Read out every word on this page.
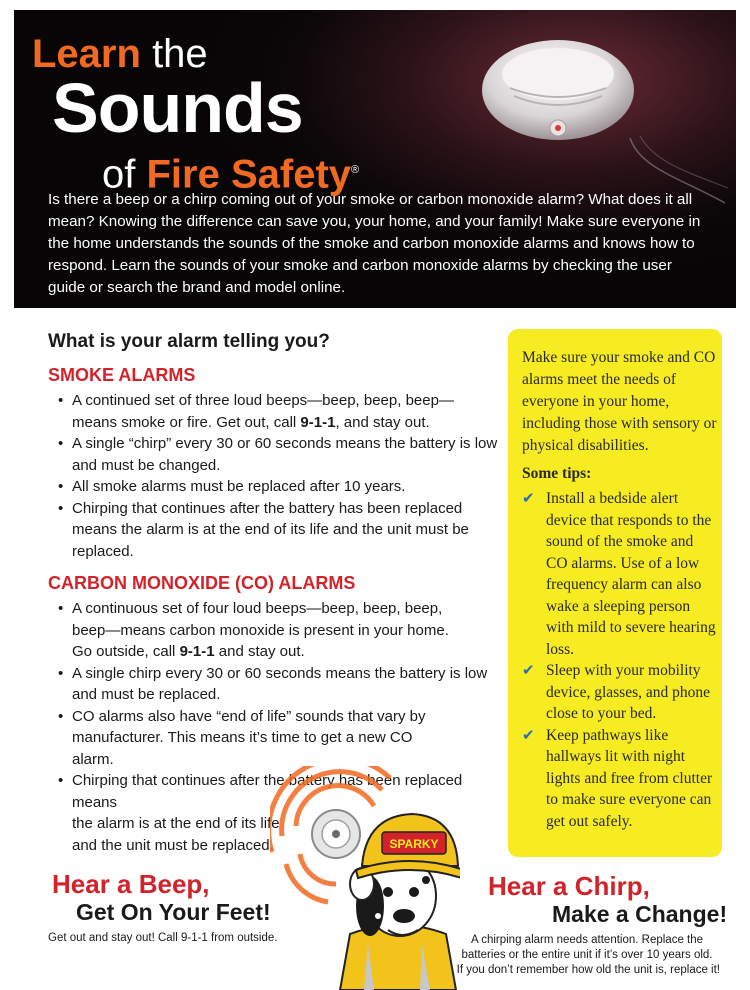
Learn the
Sounds
of Fire Safety®
Is there a beep or a chirp coming out of your smoke or carbon monoxide alarm? What does it all mean? Knowing the difference can save you, your home, and your family! Make sure everyone in the home understands the sounds of the smoke and carbon monoxide alarms and knows how to respond. Learn the sounds of your smoke and carbon monoxide alarms by checking the user guide or search the brand and model online.

What is your alarm telling you?

SMOKE ALARMS

• A continued set of three loud beeps—beep, beep, beep—means smoke or fire. Get out, call 9-1-1, and stay out.
• A single “chirp” every 30 or 60 seconds means the battery is low and must be changed.
• All smoke alarms must be replaced after 10 years.
• Chirping that continues after the battery has been replaced means the alarm is at the end of its life and the unit must be replaced.

CARBON MONOXIDE (CO) ALARMS

• A continuous set of four loud beeps—beep, beep, beep, beep—means carbon monoxide is present in your home. Go outside, call 9-1-1 and stay out.
• A single chirp every 30 or 60 seconds means the battery is low and must be replaced.
• CO alarms also have “end of life” sounds that vary by manufacturer. This means it’s time to get a new CO alarm.
• Chirping that continues after the battery has been replaced means
the alarm is at the end of its life and the unit must be replaced.
Make sure your smoke and CO alarms meet the needs of everyone in your home, including those with sensory or physical disabilities.
Some tips:
✔ Install a bedside alert device that responds to the sound of the smoke and CO alarms. Use of a low frequency alarm can also wake a sleeping person with mild to severe hearing loss.
✔ Sleep with your mobility device, glasses, and phone close to your bed.
✔ Keep pathways like hallways lit with night lights and free from clutter to make sure everyone can get out safely.
SPARKY
Hear a Beep,
Get On Your Feet!
Get out and stay out! Call 9-1-1 from outside.
Hear a Chirp,
Make a Change!
A chirping alarm needs attention. Replace the batteries or the entire unit if it’s over 10 years old.
If you don’t remember how old the unit is, replace it!
